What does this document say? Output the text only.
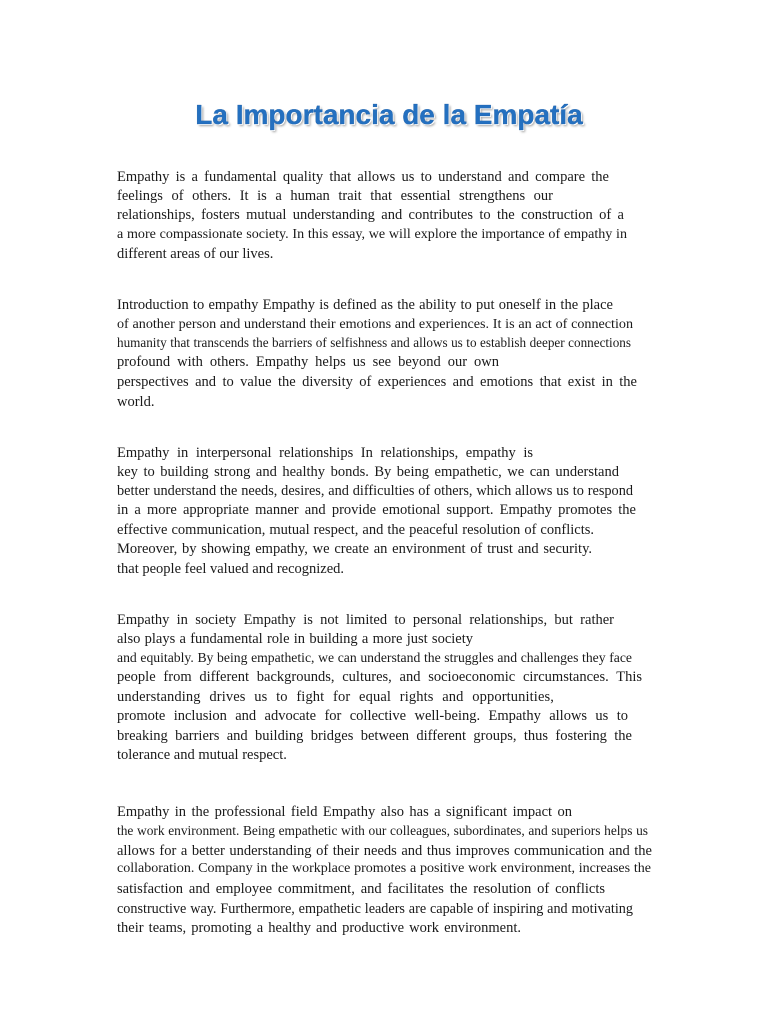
La Importancia de la Empatía
Empathy is a fundamental quality that allows us to understand and compare the
feelings of others. It is a human trait that essential strengthens our
relationships, fosters mutual understanding and contributes to the construction of a
a more compassionate society. In this essay, we will explore the importance of empathy in
different areas of our lives.
Introduction to empathy Empathy is defined as the ability to put oneself in the place
of another person and understand their emotions and experiences. It is an act of connection
humanity that transcends the barriers of selfishness and allows us to establish deeper connections
profound with others. Empathy helps us see beyond our own
perspectives and to value the diversity of experiences and emotions that exist in the
world.
Empathy in interpersonal relationships In relationships, empathy is
key to building strong and healthy bonds. By being empathetic, we can understand
better understand the needs, desires, and difficulties of others, which allows us to respond
in a more appropriate manner and provide emotional support. Empathy promotes the
effective communication, mutual respect, and the peaceful resolution of conflicts.
Moreover, by showing empathy, we create an environment of trust and security.
that people feel valued and recognized.
Empathy in society Empathy is not limited to personal relationships, but rather
also plays a fundamental role in building a more just society
and equitably. By being empathetic, we can understand the struggles and challenges they face
people from different backgrounds, cultures, and socioeconomic circumstances. This
understanding drives us to fight for equal rights and opportunities,
promote inclusion and advocate for collective well-being. Empathy allows us to
breaking barriers and building bridges between different groups, thus fostering the
tolerance and mutual respect.
Empathy in the professional field Empathy also has a significant impact on
the work environment. Being empathetic with our colleagues, subordinates, and superiors helps us
allows for a better understanding of their needs and thus improves communication and the
collaboration. Company in the workplace promotes a positive work environment, increases the
satisfaction and employee commitment, and facilitates the resolution of conflicts
constructive way. Furthermore, empathetic leaders are capable of inspiring and motivating
their teams, promoting a healthy and productive work environment.
